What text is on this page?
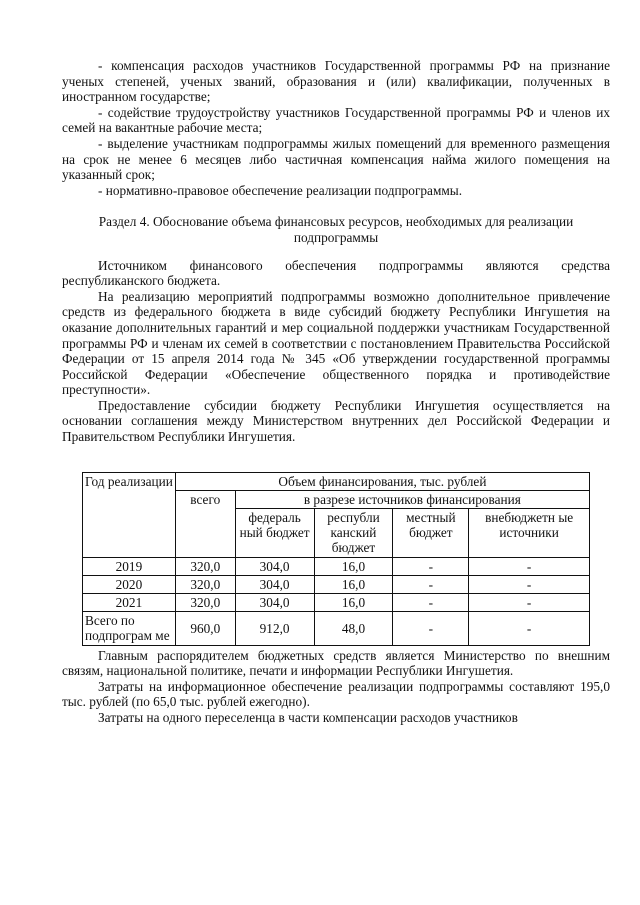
- компенсация расходов участников Государственной программы РФ на признание ученых степеней, ученых званий, образования и (или) квалификации, полученных в иностранном государстве;

- содействие трудоустройству участников Государственной программы РФ и членов их семей на вакантные рабочие места;

- выделение участникам подпрограммы жилых помещений для временного размещения на срок не менее 6 месяцев либо частичная компенсация найма жилого помещения на указанный срок;

- нормативно-правовое обеспечение реализации подпрограммы.

Раздел 4. Обоснование объема финансовых ресурсов, необходимых для реализации подпрограммы

Источником финансового обеспечения подпрограммы являются средства республиканского бюджета.

На реализацию мероприятий подпрограммы возможно дополнительное привлечение средств из федерального бюджета в виде субсидий бюджету Республики Ингушетия на оказание дополнительных гарантий и мер социальной поддержки участникам Государственной программы РФ и членам их семей в соответствии с постановлением Правительства Российской Федерации от 15 апреля 2014 года № 345 «Об утверждении государственной программы Российской Федерации «Обеспечение общественного порядка и противодействие преступности».

Предоставление субсидии бюджету Республики Ингушетия осуществляется на основании соглашения между Министерством внутренних дел Российской Федерации и Правительством Республики Ингушетия.

Год реализации	Объем финансирования, тыс. рублей				
	всего	в разрезе источников финансирования			
		федераль ный бюджет	республи канский бюджет	местный бюджет	внебюджетн ые источники
2019	320,0	304,0	16,0	-	-
2020	320,0	304,0	16,0	-	-
2021	320,0	304,0	16,0	-	-
Всего по подпрограм ме	960,0	912,0	48,0	-	-

Главным распорядителем бюджетных средств является Министерство по внешним связям, национальной политике, печати и информации Республики Ингушетия.

Затраты на информационное обеспечение реализации подпрограммы составляют 195,0 тыс. рублей (по 65,0 тыс. рублей ежегодно).

Затраты на одного переселенца в части компенсации расходов участников
